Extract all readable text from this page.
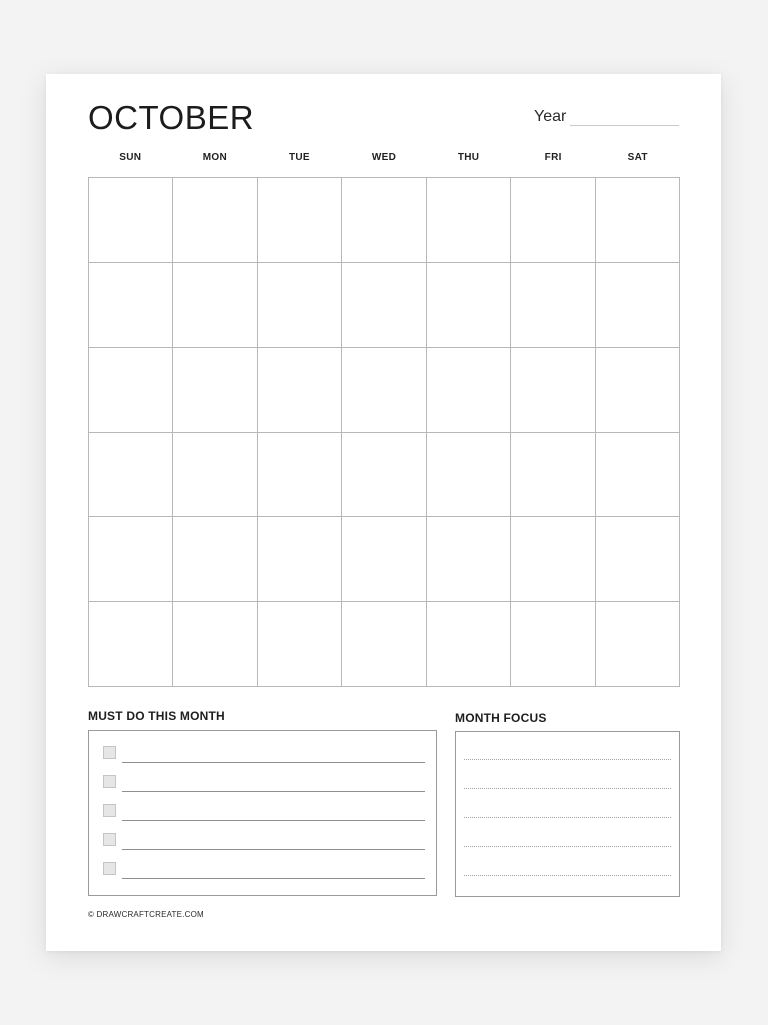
OCTOBER	Year
SUN	MON	TUE	WED	THU	FRI	SAT
MUST DO THIS MONTH	MONTH FOCUS
© DRAWCRAFTCREATE.COM
